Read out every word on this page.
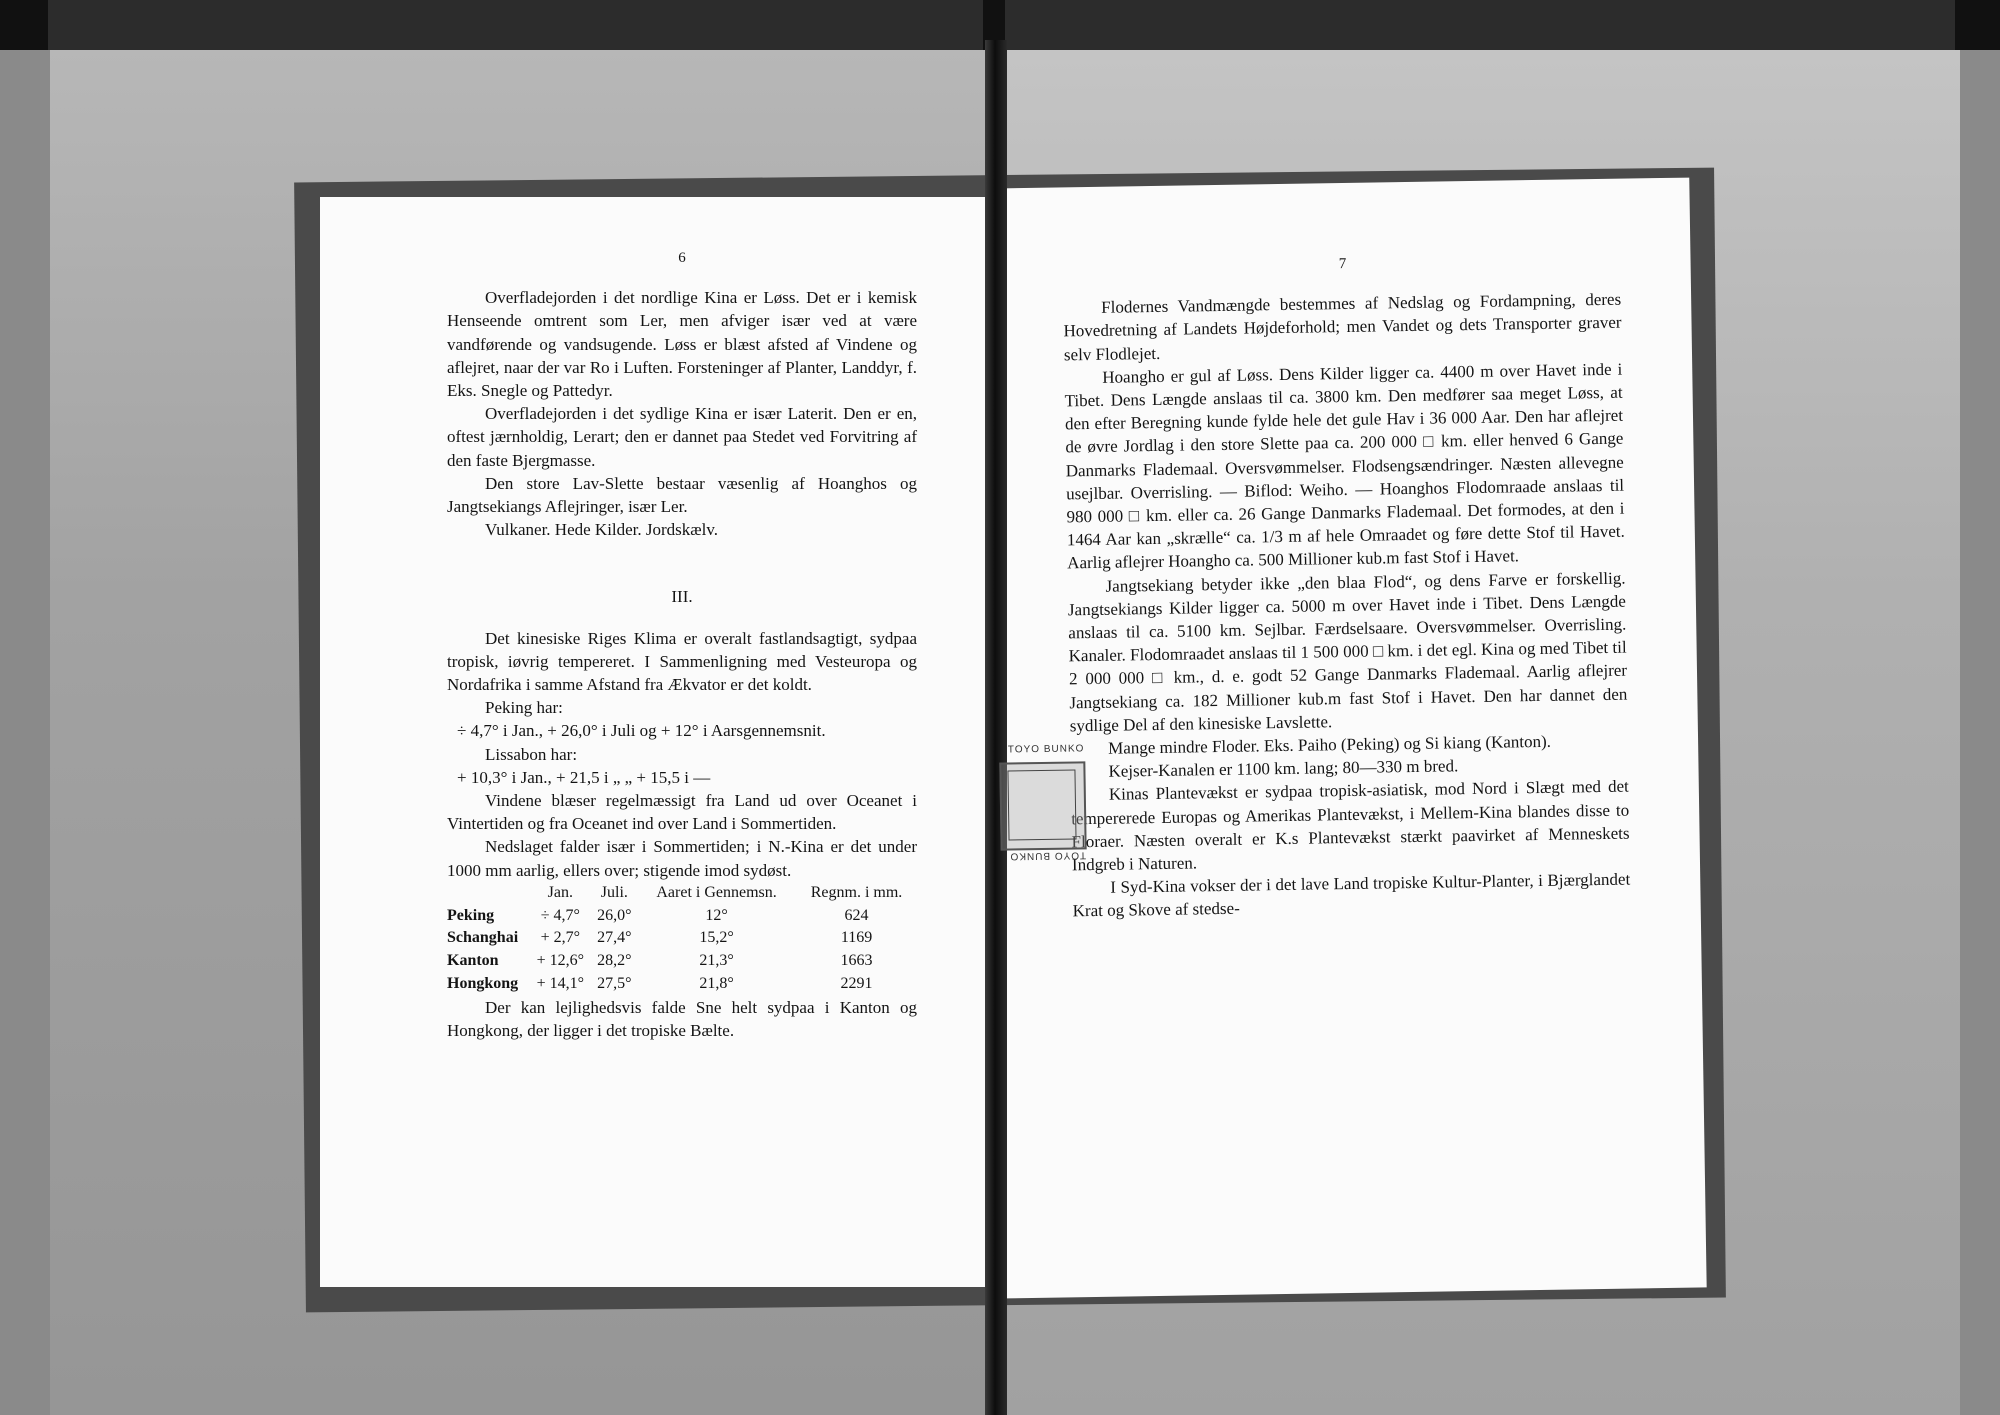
6

Overfladejorden i det nordlige Kina er Løss. Det er i kemisk Henseende omtrent som Ler, men afviger især ved at være vandførende og vandsugende. Løss er blæst afsted af Vindene og aflejret, naar der var Ro i Luften. Forsteninger af Planter, Landdyr, f. Eks. Snegle og Pattedyr.

Overfladejorden i det sydlige Kina er især Laterit. Den er en, oftest jærnholdig, Lerart; den er dannet paa Stedet ved Forvitring af den faste Bjergmasse.

Den store Lav-Slette bestaar væsenlig af Hoanghos og Jangtsekiangs Aflejringer, især Ler.

Vulkaner. Hede Kilder. Jordskælv.

III.

Det kinesiske Riges Klima er overalt fastlandsagtigt, sydpaa tropisk, iøvrig tempereret. I Sammenligning med Vesteuropa og Nordafrika i samme Afstand fra Ækvator er det koldt.

Peking har:

÷ 4,7° i Jan., + 26,0° i Juli og + 12° i Aarsgennemsnit.

Lissabon har:

+ 10,3° i Jan., + 21,5 i „ „ + 15,5 i —

Vindene blæser regelmæssigt fra Land ud over Oceanet i Vintertiden og fra Oceanet ind over Land i Sommertiden.

Nedslaget falder især i Sommertiden; i N.-Kina er det under 1000 mm aarlig, ellers over; stigende imod sydøst.

	Jan.	Juli.	Aaret i Gennemsn.	Regnm. i mm.
Peking	÷ 4,7°	26,0°	12°	624
Schanghai	+ 2,7°	27,4°	15,2°	1169
Kanton	+ 12,6°	28,2°	21,3°	1663
Hongkong	+ 14,1°	27,5°	21,8°	2291

Der kan lejlighedsvis falde Sne helt sydpaa i Kanton og Hongkong, der ligger i det tropiske Bælte.

7

Flodernes Vandmængde bestemmes af Nedslag og Fordampning, deres Hovedretning af Landets Højdeforhold; men Vandet og dets Transporter graver selv Flodlejet.

Hoangho er gul af Løss. Dens Kilder ligger ca. 4400 m over Havet inde i Tibet. Dens Længde anslaas til ca. 3800 km. Den medfører saa meget Løss, at den efter Beregning kunde fylde hele det gule Hav i 36 000 Aar. Den har aflejret de øvre Jordlag i den store Slette paa ca. 200 000 □ km. eller henved 6 Gange Danmarks Flademaal. Oversvømmelser. Flodsengsændringer. Næsten allevegne usejlbar. Overrisling. — Biflod: Weiho. — Hoanghos Flodomraade anslaas til 980 000 □ km. eller ca. 26 Gange Danmarks Flademaal. Det formodes, at den i 1464 Aar kan „skrælle“ ca. 1/3 m af hele Omraadet og føre dette Stof til Havet. Aarlig aflejrer Hoangho ca. 500 Millioner kub.m fast Stof i Havet.

Jangtsekiang betyder ikke „den blaa Flod“, og dens Farve er forskellig. Jangtsekiangs Kilder ligger ca. 5000 m over Havet inde i Tibet. Dens Længde anslaas til ca. 5100 km. Sejlbar. Færdselsaare. Oversvømmelser. Overrisling. Kanaler. Flodomraadet anslaas til 1 500 000 □ km. i det egl. Kina og med Tibet til 2 000 000 □ km., d. e. godt 52 Gange Danmarks Flademaal. Aarlig aflejrer Jangtsekiang ca. 182 Millioner kub.m fast Stof i Havet. Den har dannet den sydlige Del af den kinesiske Lavslette.

Mange mindre Floder. Eks. Paiho (Peking) og Si kiang (Kanton).

Kejser-Kanalen er 1100 km. lang; 80—330 m bred.

Kinas Plantevækst er sydpaa tropisk-asiatisk, mod Nord i Slægt med det tempererede Europas og Amerikas Plantevækst, i Mellem-Kina blandes disse to Floraer. Næsten overalt er K.s Plantevækst stærkt paavirket af Menneskets Indgreb i Naturen.

I Syd-Kina vokser der i det lave Land tropiske Kultur-Planter, i Bjærglandet Krat og Skove af stedse-

TOYO BUNKO
TOYO BUNKO
